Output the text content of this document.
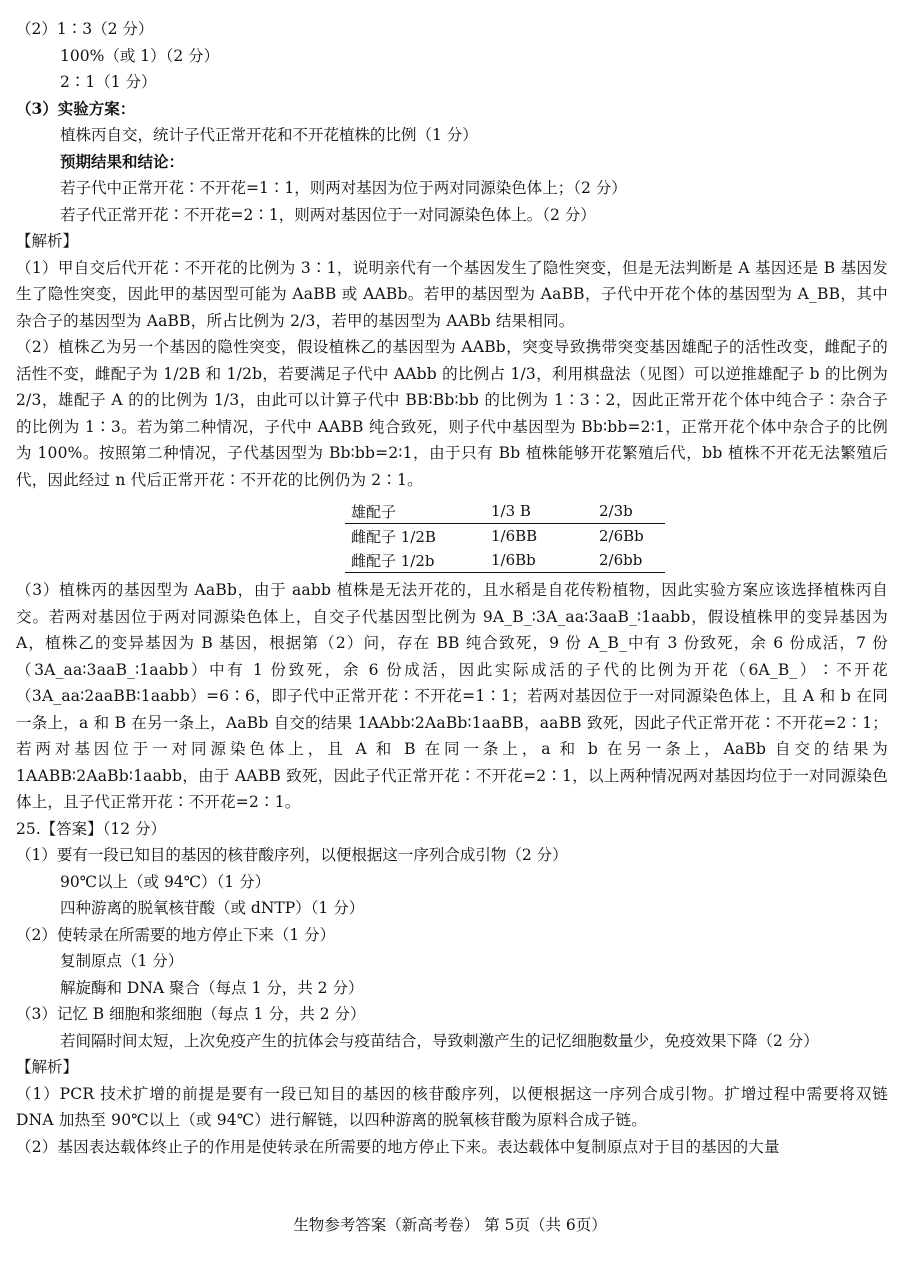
（2）1∶3（2 分）
100%（或 1）（2 分）
2∶1（1 分）
（3）实验方案：
植株丙自交，统计子代正常开花和不开花植株的比例（1 分）
预期结果和结论：
若子代中正常开花∶不开花=1∶1，则两对基因为位于两对同源染色体上；（2 分）
若子代正常开花∶不开花=2∶1，则两对基因位于一对同源染色体上。（2 分）
【解析】
（1）甲自交后代开花∶不开花的比例为 3∶1，说明亲代有一个基因发生了隐性突变，但是无法判断是 A 基因还是 B 基因发生了隐性突变，因此甲的基因型可能为 AaBB 或 AABb。若甲的基因型为 AaBB，子代中开花个体的基因型为 A_BB，其中杂合子的基因型为 AaBB，所占比例为 2/3，若甲的基因型为 AABb 结果相同。
（2）植株乙为另一个基因的隐性突变，假设植株乙的基因型为 AABb，突变导致携带突变基因雄配子的活性改变，雌配子的活性不变，雌配子为 1/2B 和 1/2b，若要满足子代中 AAbb 的比例占 1/3，利用棋盘法（见图）可以逆推雄配子 b 的比例为 2/3，雄配子 A 的的比例为 1/3，由此可以计算子代中 BB∶Bb∶bb 的比例为 1∶3∶2，因此正常开花个体中纯合子∶杂合子的比例为 1∶3。若为第二种情况，子代中 AABB 纯合致死，则子代中基因型为 Bb∶bb=2∶1，正常开花个体中杂合子的比例为 100%。按照第二种情况，子代基因型为 Bb∶bb=2∶1，由于只有 Bb 植株能够开花繁殖后代，bb 植株不开花无法繁殖后代，因此经过 n 代后正常开花∶不开花的比例仍为 2∶1。
雄配子	1/3 B	2/3b
雌配子 1/2B	1/6BB	2/6Bb
雌配子 1/2b	1/6Bb	2/6bb
（3）植株丙的基因型为 AaBb，由于 aabb 植株是无法开花的，且水稻是自花传粉植物，因此实验方案应该选择植株丙自交。若两对基因位于两对同源染色体上，自交子代基因型比例为 9A_B_∶3A_aa∶3aaB_∶1aabb，假设植株甲的变异基因为 A，植株乙的变异基因为 B 基因，根据第（2）问，存在 BB 纯合致死，9 份 A_B_中有 3 份致死，余 6 份成活，7 份（3A_aa∶3aaB_∶1aabb）中有 1 份致死，余 6 份成活，因此实际成活的子代的比例为开花（6A_B_）∶不开花（3A_aa∶2aaBB∶1aabb）=6∶6，即子代中正常开花∶不开花=1∶1；若两对基因位于一对同源染色体上，且 A 和 b 在同一条上，a 和 B 在另一条上，AaBb 自交的结果 1AAbb∶2AaBb∶1aaBB，aaBB 致死，因此子代正常开花∶不开花=2∶1；若两对基因位于一对同源染色体上，且 A 和 B 在同一条上，a 和 b 在另一条上，AaBb 自交的结果为 1AABB∶2AaBb∶1aabb，由于 AABB 致死，因此子代正常开花∶不开花=2∶1，以上两种情况两对基因均位于一对同源染色体上，且子代正常开花∶不开花=2∶1。
25.【答案】（12 分）
（1）要有一段已知目的基因的核苷酸序列，以便根据这一序列合成引物（2 分）
90℃以上（或 94℃）（1 分）
四种游离的脱氧核苷酸（或 dNTP）（1 分）
（2）使转录在所需要的地方停止下来（1 分）
复制原点（1 分）
解旋酶和 DNA 聚合（每点 1 分，共 2 分）
（3）记忆 B 细胞和浆细胞（每点 1 分，共 2 分）
若间隔时间太短，上次免疫产生的抗体会与疫苗结合，导致刺激产生的记忆细胞数量少，免疫效果下降（2 分）
【解析】
（1）PCR 技术扩增的前提是要有一段已知目的基因的核苷酸序列，以便根据这一序列合成引物。扩增过程中需要将双链 DNA 加热至 90℃以上（或 94℃）进行解链，以四种游离的脱氧核苷酸为原料合成子链。
（2）基因表达载体终止子的作用是使转录在所需要的地方停止下来。表达载体中复制原点对于目的基因的大量
生物参考答案（新高考卷） 第 5页（共 6页）
